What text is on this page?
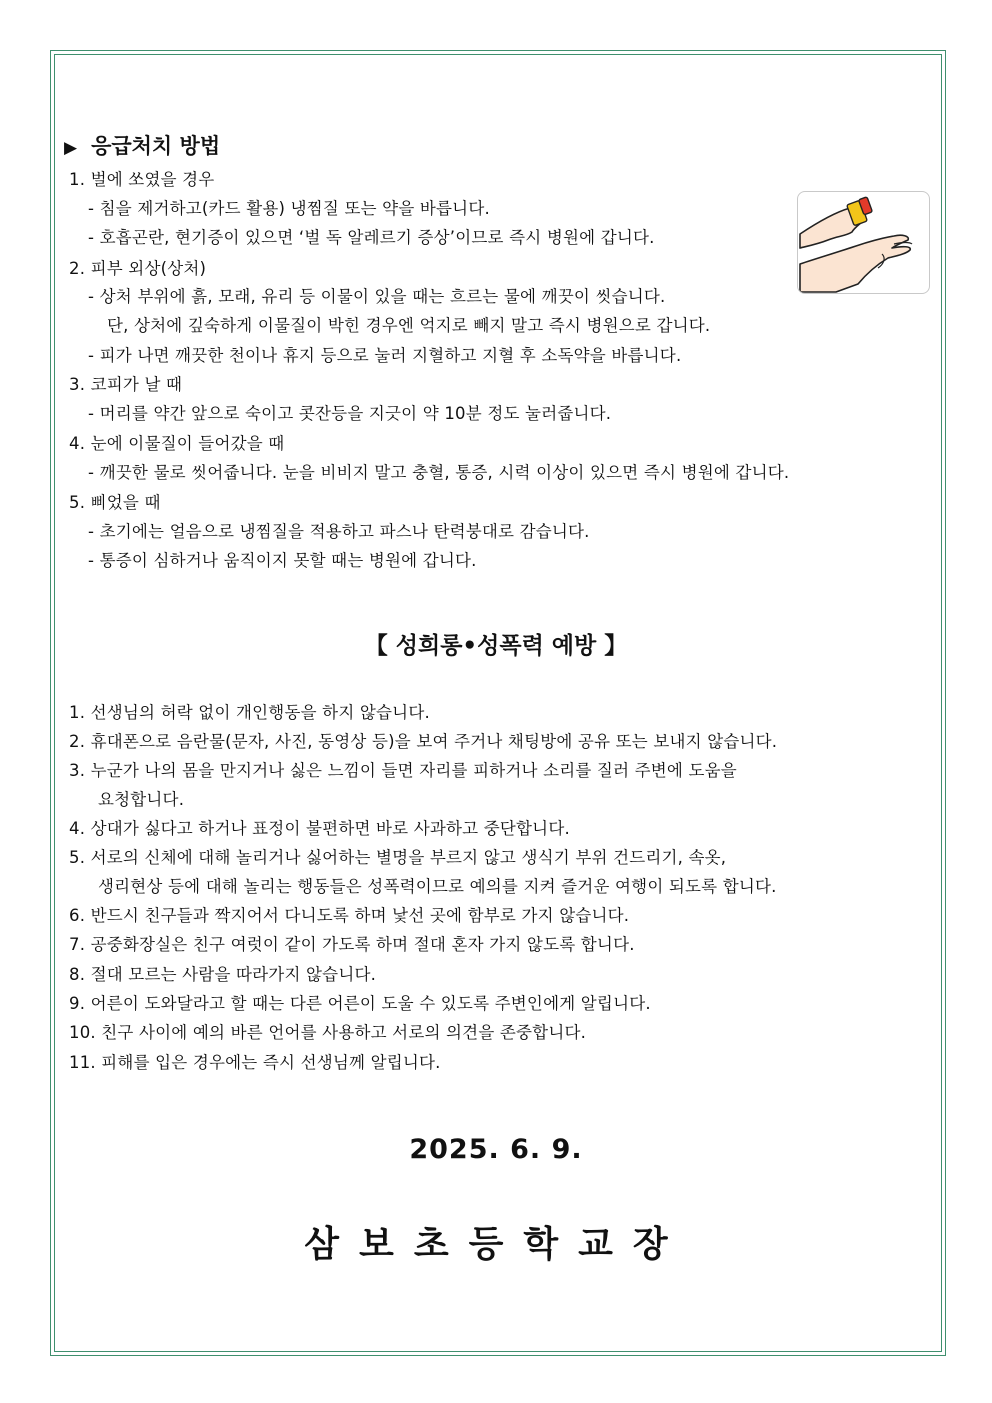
▶ 응급처치 방법
1. 벌에 쏘였을 경우
- 침을 제거하고(카드 활용) 냉찜질 또는 약을 바릅니다.
- 호흡곤란, 현기증이 있으면 ‘벌 독 알레르기 증상’이므로 즉시 병원에 갑니다.
2. 피부 외상(상처)
- 상처 부위에 흙, 모래, 유리 등 이물이 있을 때는 흐르는 물에 깨끗이 씻습니다.
단, 상처에 깊숙하게 이물질이 박힌 경우엔 억지로 빼지 말고 즉시 병원으로 갑니다.
- 피가 나면 깨끗한 천이나 휴지 등으로 눌러 지혈하고 지혈 후 소독약을 바릅니다.
3. 코피가 날 때
- 머리를 약간 앞으로 숙이고 콧잔등을 지긋이 약 10분 정도 눌러줍니다.
4. 눈에 이물질이 들어갔을 때
- 깨끗한 물로 씻어줍니다. 눈을 비비지 말고 충혈, 통증, 시력 이상이 있으면 즉시 병원에 갑니다.
5. 삐었을 때
- 초기에는 얼음으로 냉찜질을 적용하고 파스나 탄력붕대로 감습니다.
- 통증이 심하거나 움직이지 못할 때는 병원에 갑니다.
【 성희롱•성폭력 예방 】
1. 선생님의 허락 없이 개인행동을 하지 않습니다.
2. 휴대폰으로 음란물(문자, 사진, 동영상 등)을 보여 주거나 채팅방에 공유 또는 보내지 않습니다.
3. 누군가 나의 몸을 만지거나 싫은 느낌이 들면 자리를 피하거나 소리를 질러 주변에 도움을
요청합니다.
4. 상대가 싫다고 하거나 표정이 불편하면 바로 사과하고 중단합니다.
5. 서로의 신체에 대해 놀리거나 싫어하는 별명을 부르지 않고 생식기 부위 건드리기, 속옷,
생리현상 등에 대해 놀리는 행동들은 성폭력이므로 예의를 지켜 즐거운 여행이 되도록 합니다.
6. 반드시 친구들과 짝지어서 다니도록 하며 낯선 곳에 함부로 가지 않습니다.
7. 공중화장실은 친구 여럿이 같이 가도록 하며 절대 혼자 가지 않도록 합니다.
8. 절대 모르는 사람을 따라가지 않습니다.
9. 어른이 도와달라고 할 때는 다른 어른이 도울 수 있도록 주변인에게 알립니다.
10. 친구 사이에 예의 바른 언어를 사용하고 서로의 의견을 존중합니다.
11. 피해를 입은 경우에는 즉시 선생님께 알립니다.
2025. 6. 9.
삼보초등학교장
